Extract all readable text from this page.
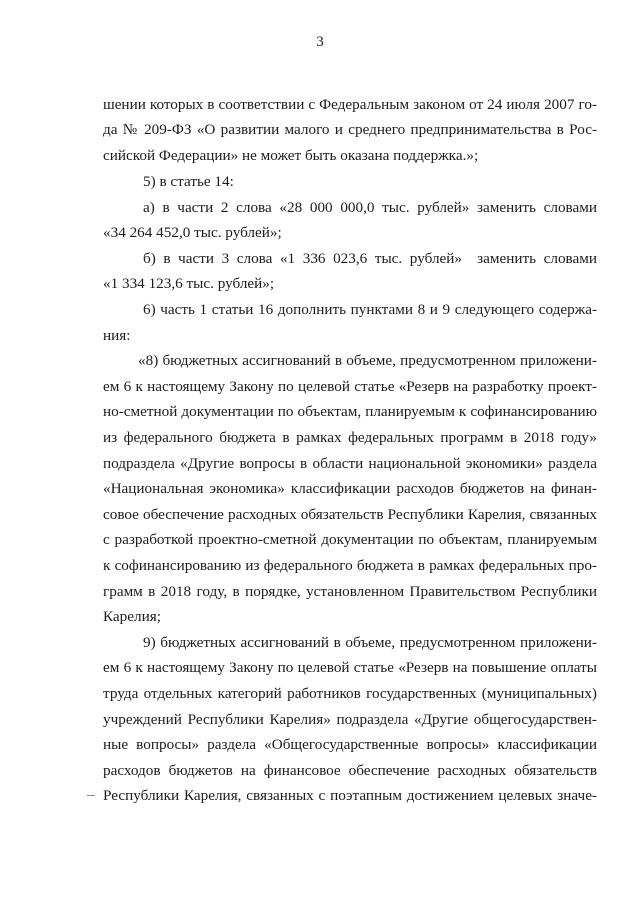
3
шении которых в соответствии с Федеральным законом от 24 июля 2007 го-
да № 209-ФЗ «О развитии малого и среднего предпринимательства в Рос-
сийской Федерации» не может быть оказана поддержка.»;
5) в статье 14:
а) в части 2 слова «28 000 000,0 тыс. рублей» заменить словами
«34 264 452,0 тыс. рублей»;
б) в части 3 слова «1 336 023,6 тыс. рублей»  заменить словами
«1 334 123,6 тыс. рублей»;
6) часть 1 статьи 16 дополнить пунктами 8 и 9 следующего содержа-
ния:
«8) бюджетных ассигнований в объеме, предусмотренном приложени-
ем 6 к настоящему Закону по целевой статье «Резерв на разработку проект-
но-сметной документации по объектам, планируемым к софинансированию
из федерального бюджета в рамках федеральных программ в 2018 году»
подраздела «Другие вопросы в области национальной экономики» раздела
«Национальная экономика» классификации расходов бюджетов на финан-
совое обеспечение расходных обязательств Республики Карелия, связанных
с разработкой проектно-сметной документации по объектам, планируемым
к софинансированию из федерального бюджета в рамках федеральных про-
грамм в 2018 году, в порядке, установленном Правительством Республики
Карелия;
9) бюджетных ассигнований в объеме, предусмотренном приложени-
ем 6 к настоящему Закону по целевой статье «Резерв на повышение оплаты
труда отдельных категорий работников государственных (муниципальных)
учреждений Республики Карелия» подраздела «Другие общегосударствен-
ные вопросы» раздела «Общегосударственные вопросы» классификации
расходов бюджетов на финансовое обеспечение расходных обязательств
Республики Карелия, связанных с поэтапным достижением целевых значе-
